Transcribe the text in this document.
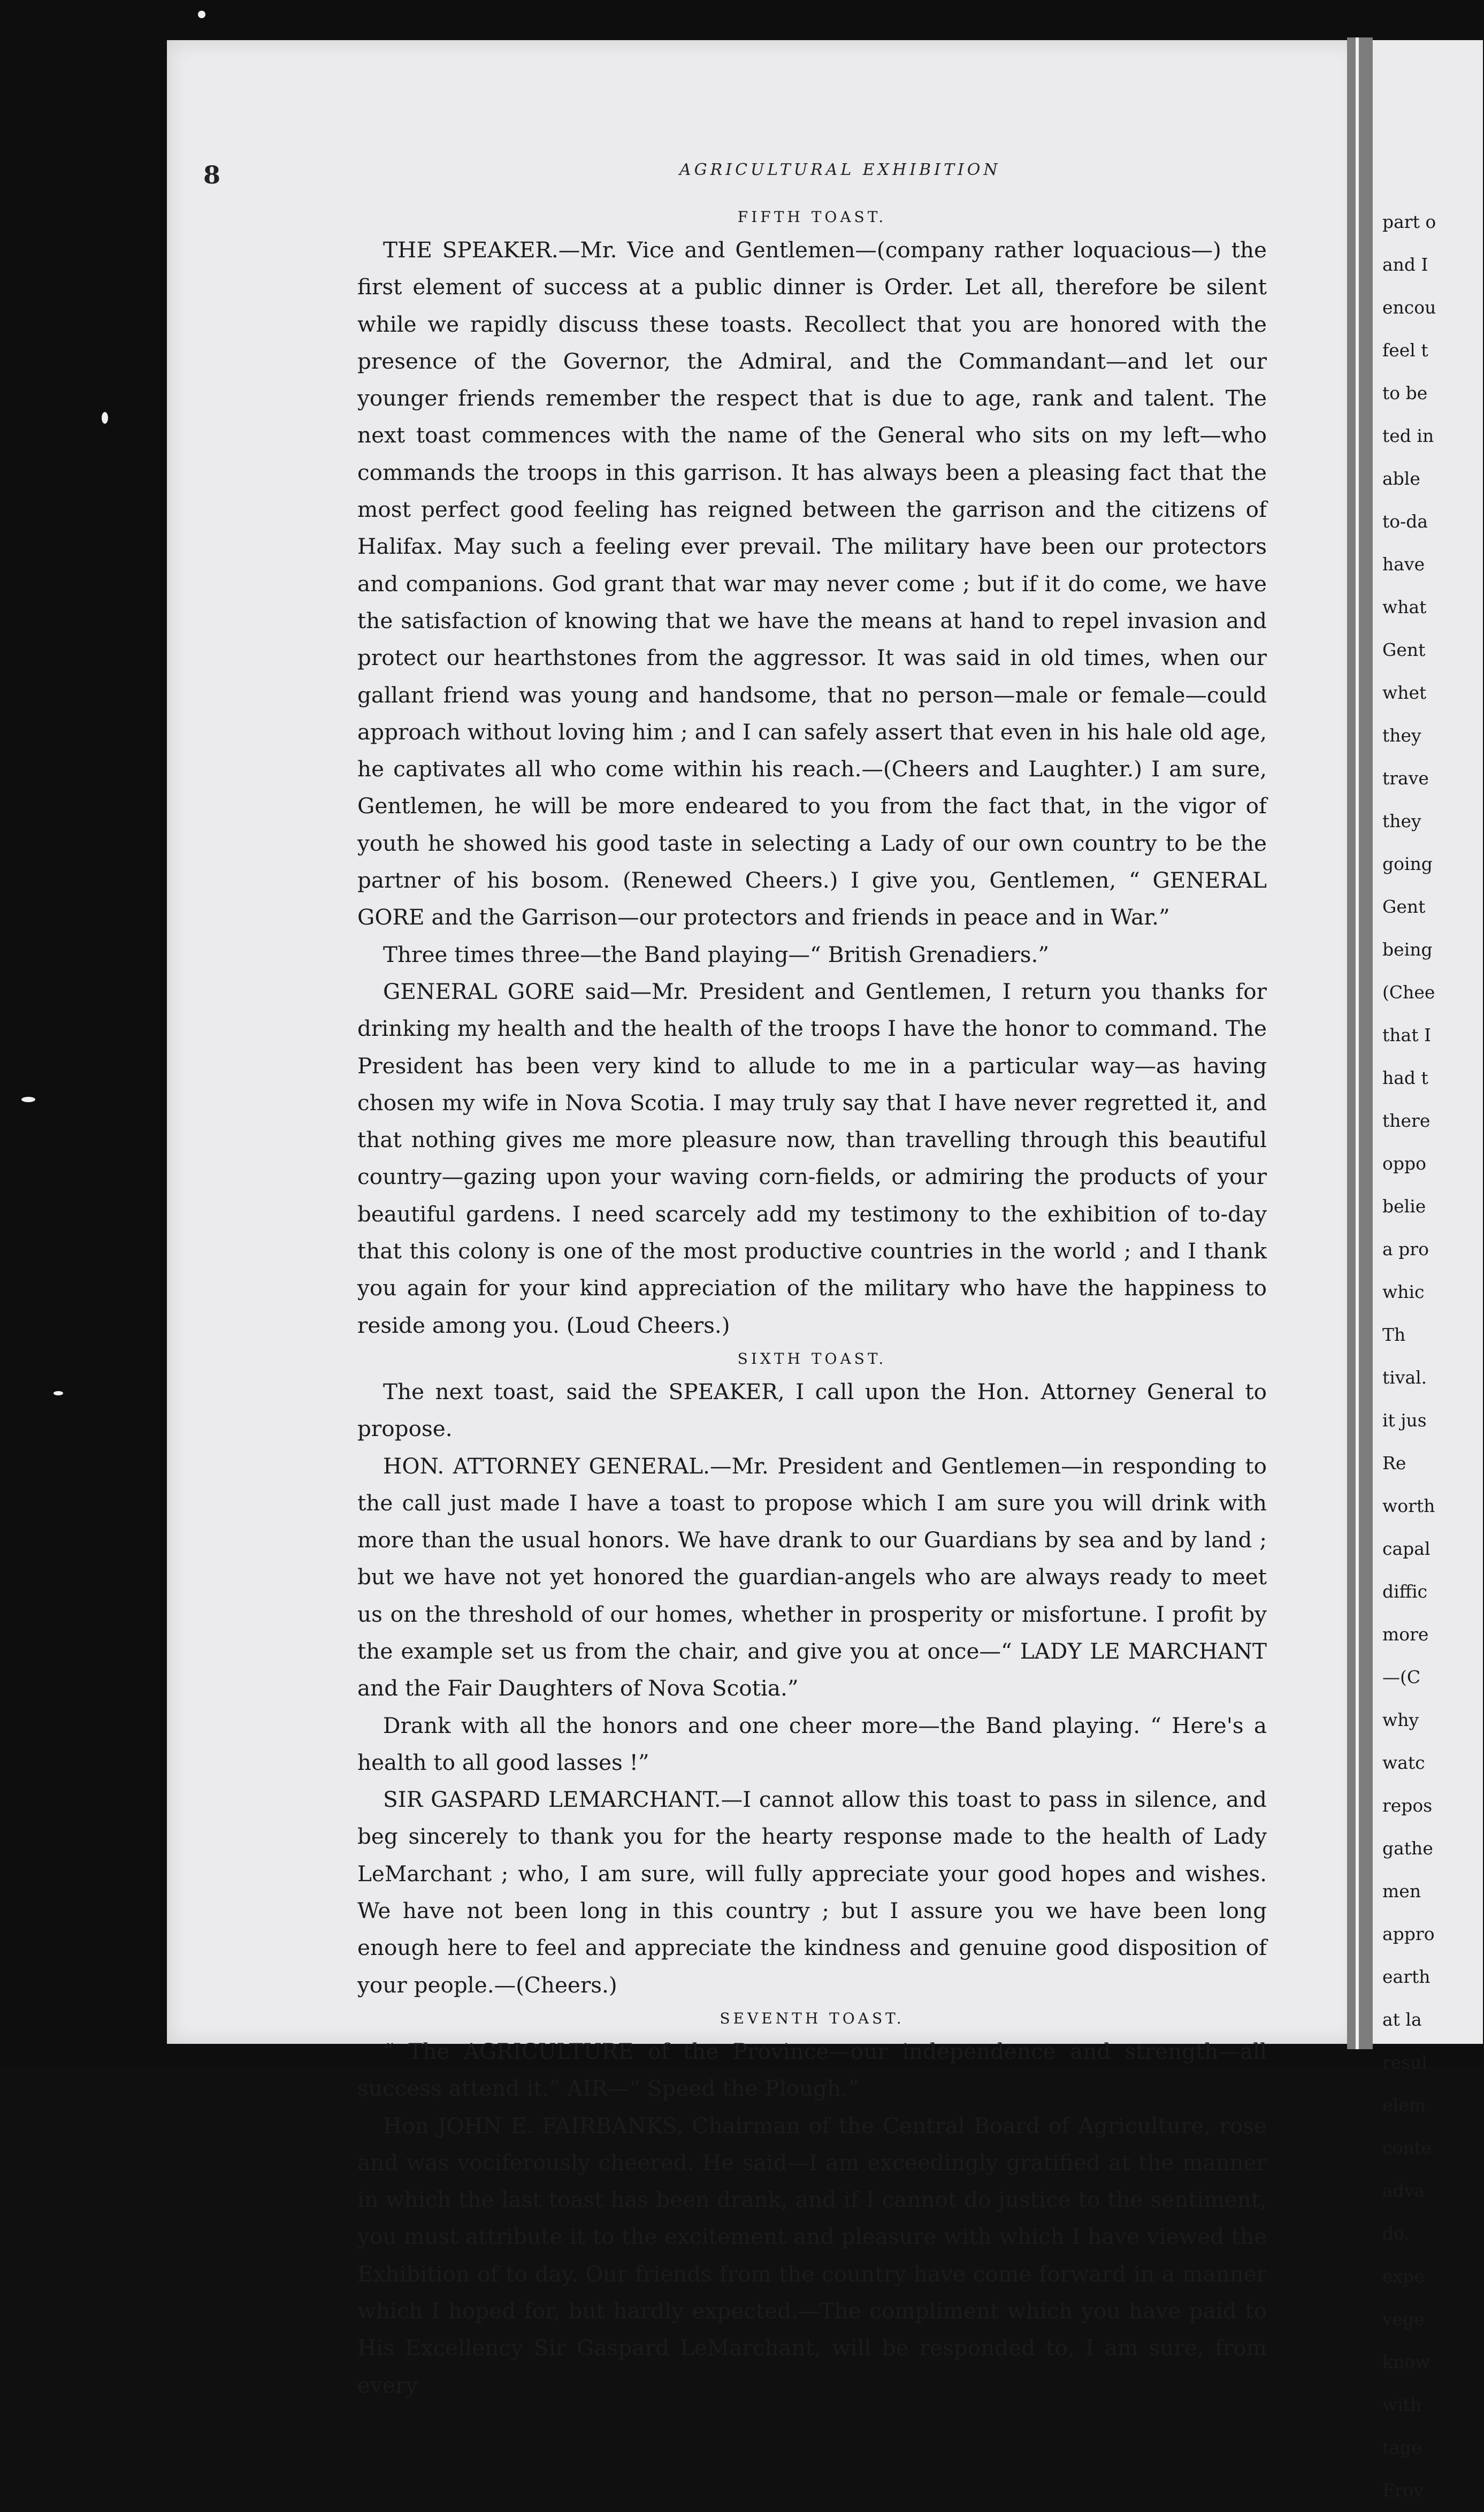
part o
and I
encou
feel t
to be
ted in
able
to-da
have
what
Gent
whet
they
trave
they
going
Gent
being
(Chee
that I
had t
there
oppo
belie
a pro
whic
Th
tival.
it jus
Re
worth
capal
diffic
more
—(C
why
watc
repos
gathe
men
appro
earth
at la
resul
elem
conte
adva
do.
expe
vege
know
with
tage
Frov
8	AGRICULTURAL EXHIBITION
FIFTH TOAST.

THE SPEAKER.—Mr. Vice and Gentlemen—(company rather loquacious—) the first element of success at a public dinner is Order. Let all, therefore be silent while we rapidly discuss these toasts. Recollect that you are honored with the presence of the Governor, the Admiral, and the Commandant—and let our younger friends remember the respect that is due to age, rank and talent. The next toast commences with the name of the General who sits on my left—who commands the troops in this garrison. It has always been a pleasing fact that the most perfect good feeling has reigned between the garrison and the citizens of Halifax. May such a feeling ever prevail. The military have been our protectors and companions. God grant that war may never come ; but if it do come, we have the satisfaction of knowing that we have the means at hand to repel invasion and protect our hearthstones from the aggressor. It was said in old times, when our gallant friend was young and handsome, that no person—male or female—could approach without loving him ; and I can safely assert that even in his hale old age, he captivates all who come within his reach.—(Cheers and Laughter.) I am sure, Gentlemen, he will be more endeared to you from the fact that, in the vigor of youth he showed his good taste in selecting a Lady of our own country to be the partner of his bosom. (Renewed Cheers.) I give you, Gentlemen, “ GENERAL GORE and the Garrison—our protectors and friends in peace and in War.”

Three times three—the Band playing—“ British Grenadiers.”

GENERAL GORE said—Mr. President and Gentlemen, I return you thanks for drinking my health and the health of the troops I have the honor to command. The President has been very kind to allude to me in a particular way—as having chosen my wife in Nova Scotia. I may truly say that I have never regretted it, and that nothing gives me more pleasure now, than travelling through this beautiful country—gazing upon your waving corn-fields, or admiring the products of your beautiful gardens. I need scarcely add my testimony to the exhibition of to-day that this colony is one of the most productive countries in the world ; and I thank you again for your kind appreciation of the military who have the happiness to reside among you. (Loud Cheers.)

SIXTH TOAST.

The next toast, said the SPEAKER, I call upon the Hon. Attorney General to propose.

HON. ATTORNEY GENERAL.—Mr. President and Gentlemen—in responding to the call just made I have a toast to propose which I am sure you will drink with more than the usual honors. We have drank to our Guardians by sea and by land ; but we have not yet honored the guardian-angels who are always ready to meet us on the threshold of our homes, whether in prosperity or misfortune. I profit by the example set us from the chair, and give you at once—“ LADY LE MARCHANT and the Fair Daughters of Nova Scotia.”

Drank with all the honors and one cheer more—the Band playing. “ Here's a health to all good lasses !”

SIR GASPARD LEMARCHANT.—I cannot allow this toast to pass in silence, and beg sincerely to thank you for the hearty response made to the health of Lady LeMarchant ; who, I am sure, will fully appreciate your good hopes and wishes. We have not been long in this country ; but I assure you we have been long enough here to feel and appreciate the kindness and genuine good disposition of your people.—(Cheers.)

SEVENTH TOAST.

“ The AGRICULTURE of the Province—our independence and strength—all success attend it.” AIR—“ Speed the Plough.”

Hon JOHN E. FAIRBANKS, Chairman of the Central Board of Agriculture, rose and was vociferously cheered. He said—I am exceedingly gratified at the manner in which the last toast has been drank, and if I cannot do justice to the sentiment, you must attribute it to the excitement and pleasure with which I have viewed the Exhibition of to day. Our friends from the country have come forward in a manner which I hoped for, but hardly expected.—The compliment which you have paid to His Excellency Sir Gaspard LeMarchant, will be responded to, I am sure, from every
